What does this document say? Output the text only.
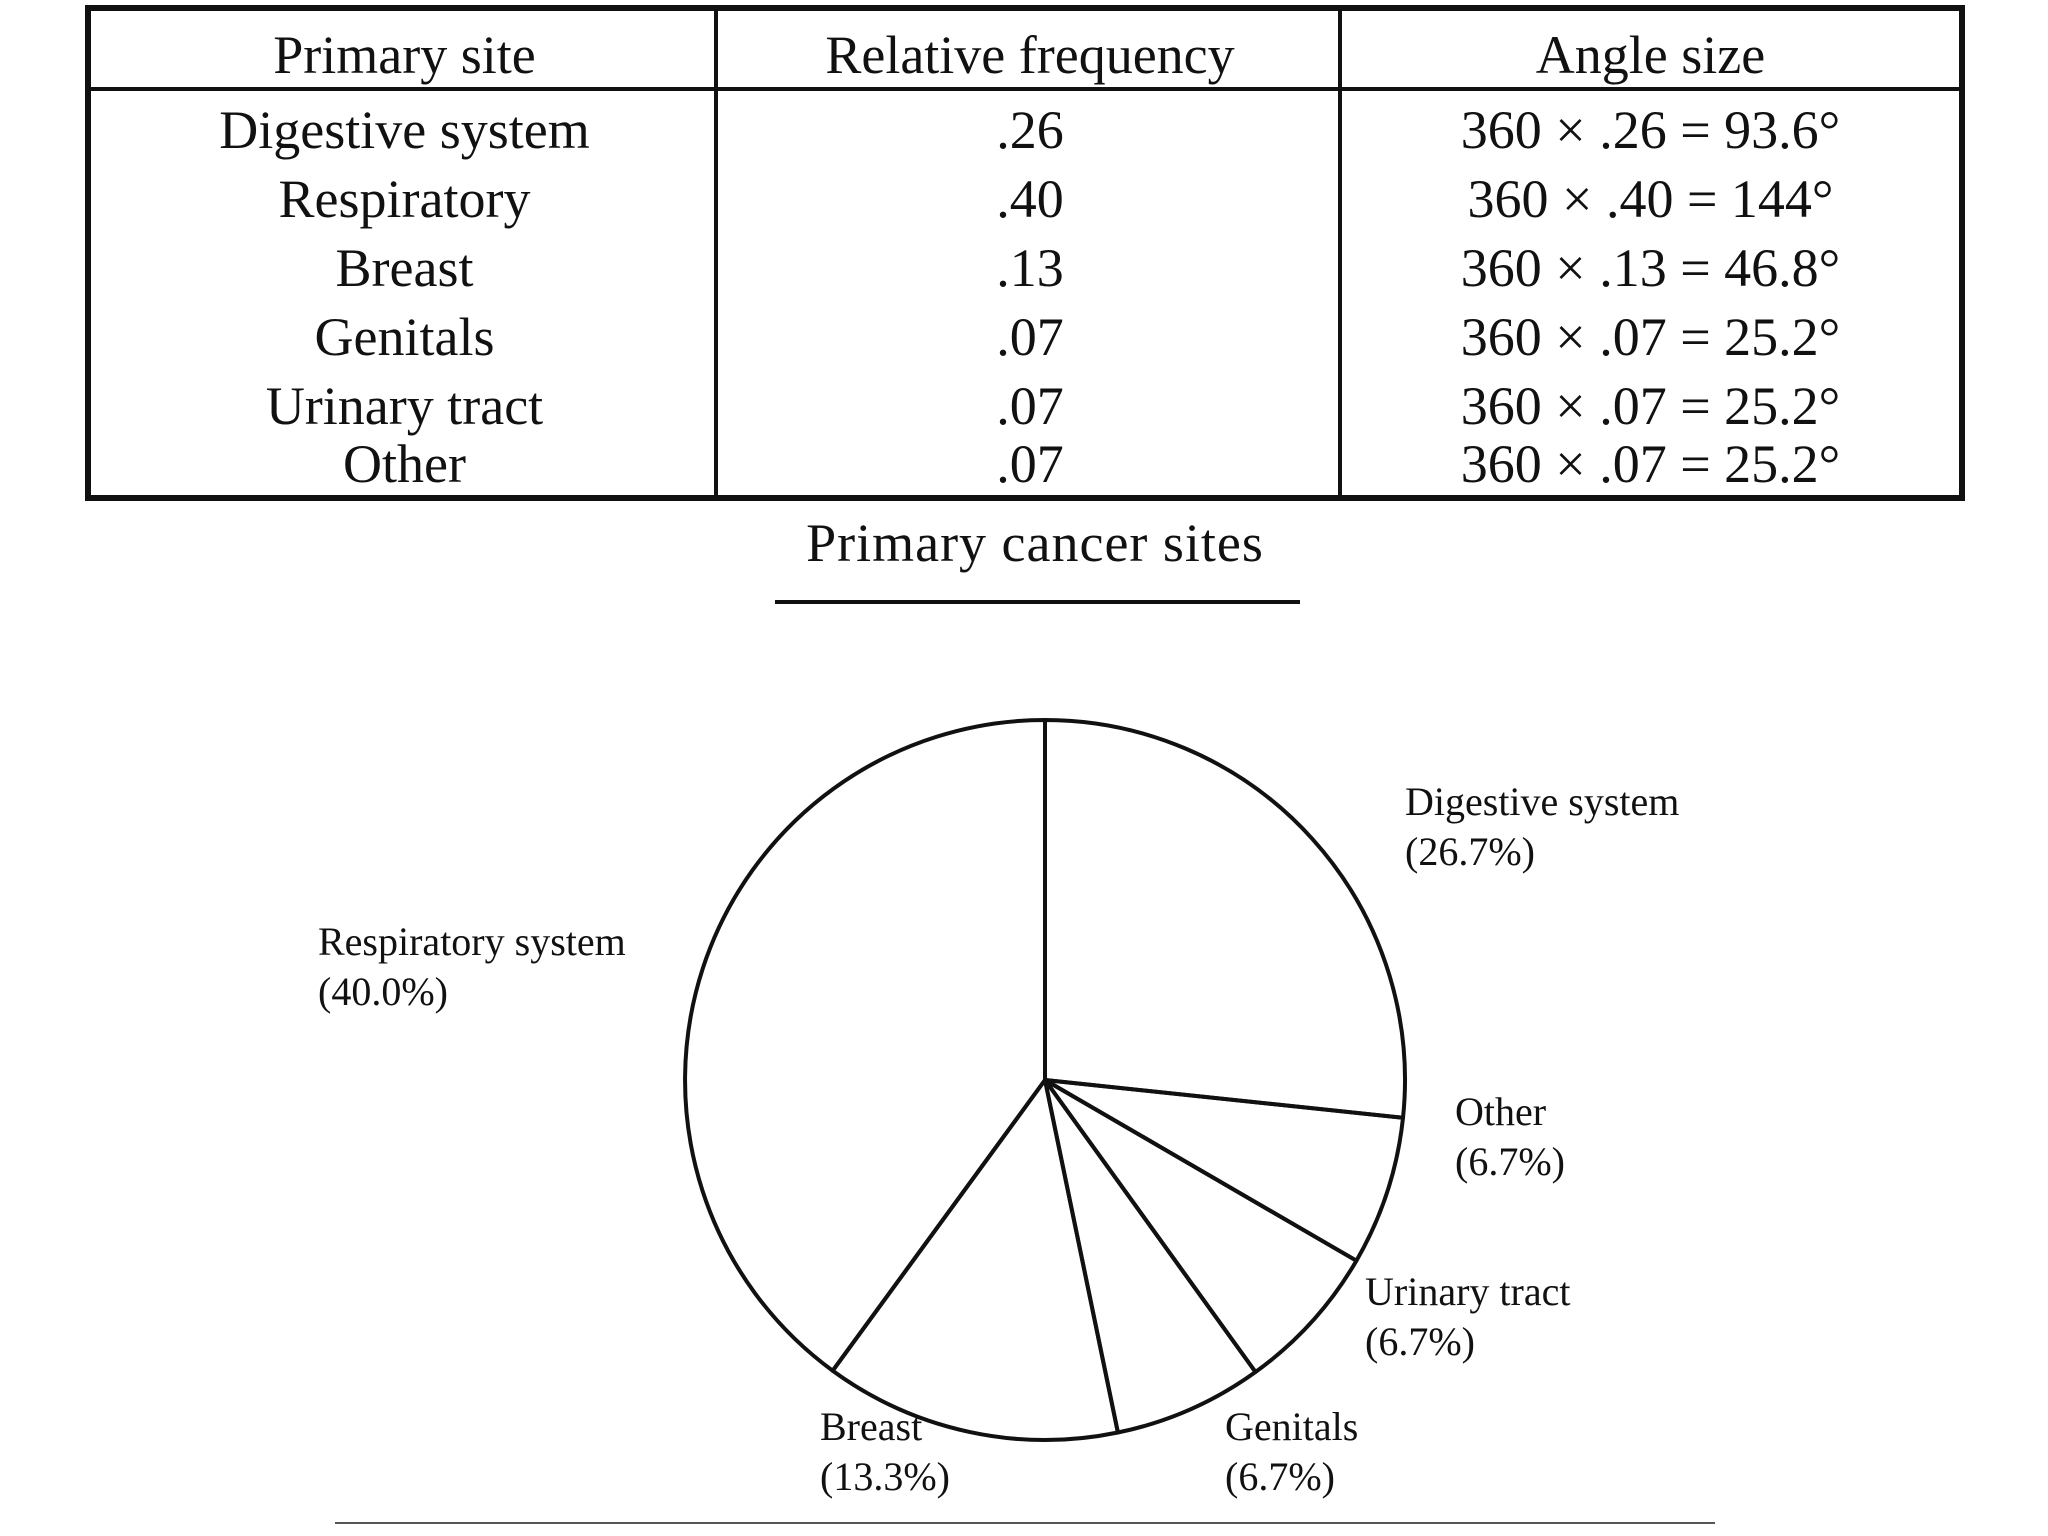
Primary site	Relative frequency	Angle size
Digestive system	.26	360 × .26 = 93.6°
Respiratory	.40	360 × .40 = 144°
Breast	.13	360 × .13 = 46.8°
Genitals	.07	360 × .07 = 25.2°
Urinary tract	.07	360 × .07 = 25.2°
Other	.07	360 × .07 = 25.2°
Primary cancer sites
Digestive system
(26.7%)
Other
(6.7%)
Urinary tract
(6.7%)
Genitals
(6.7%)
Breast
(13.3%)
Respiratory system
(40.0%)
